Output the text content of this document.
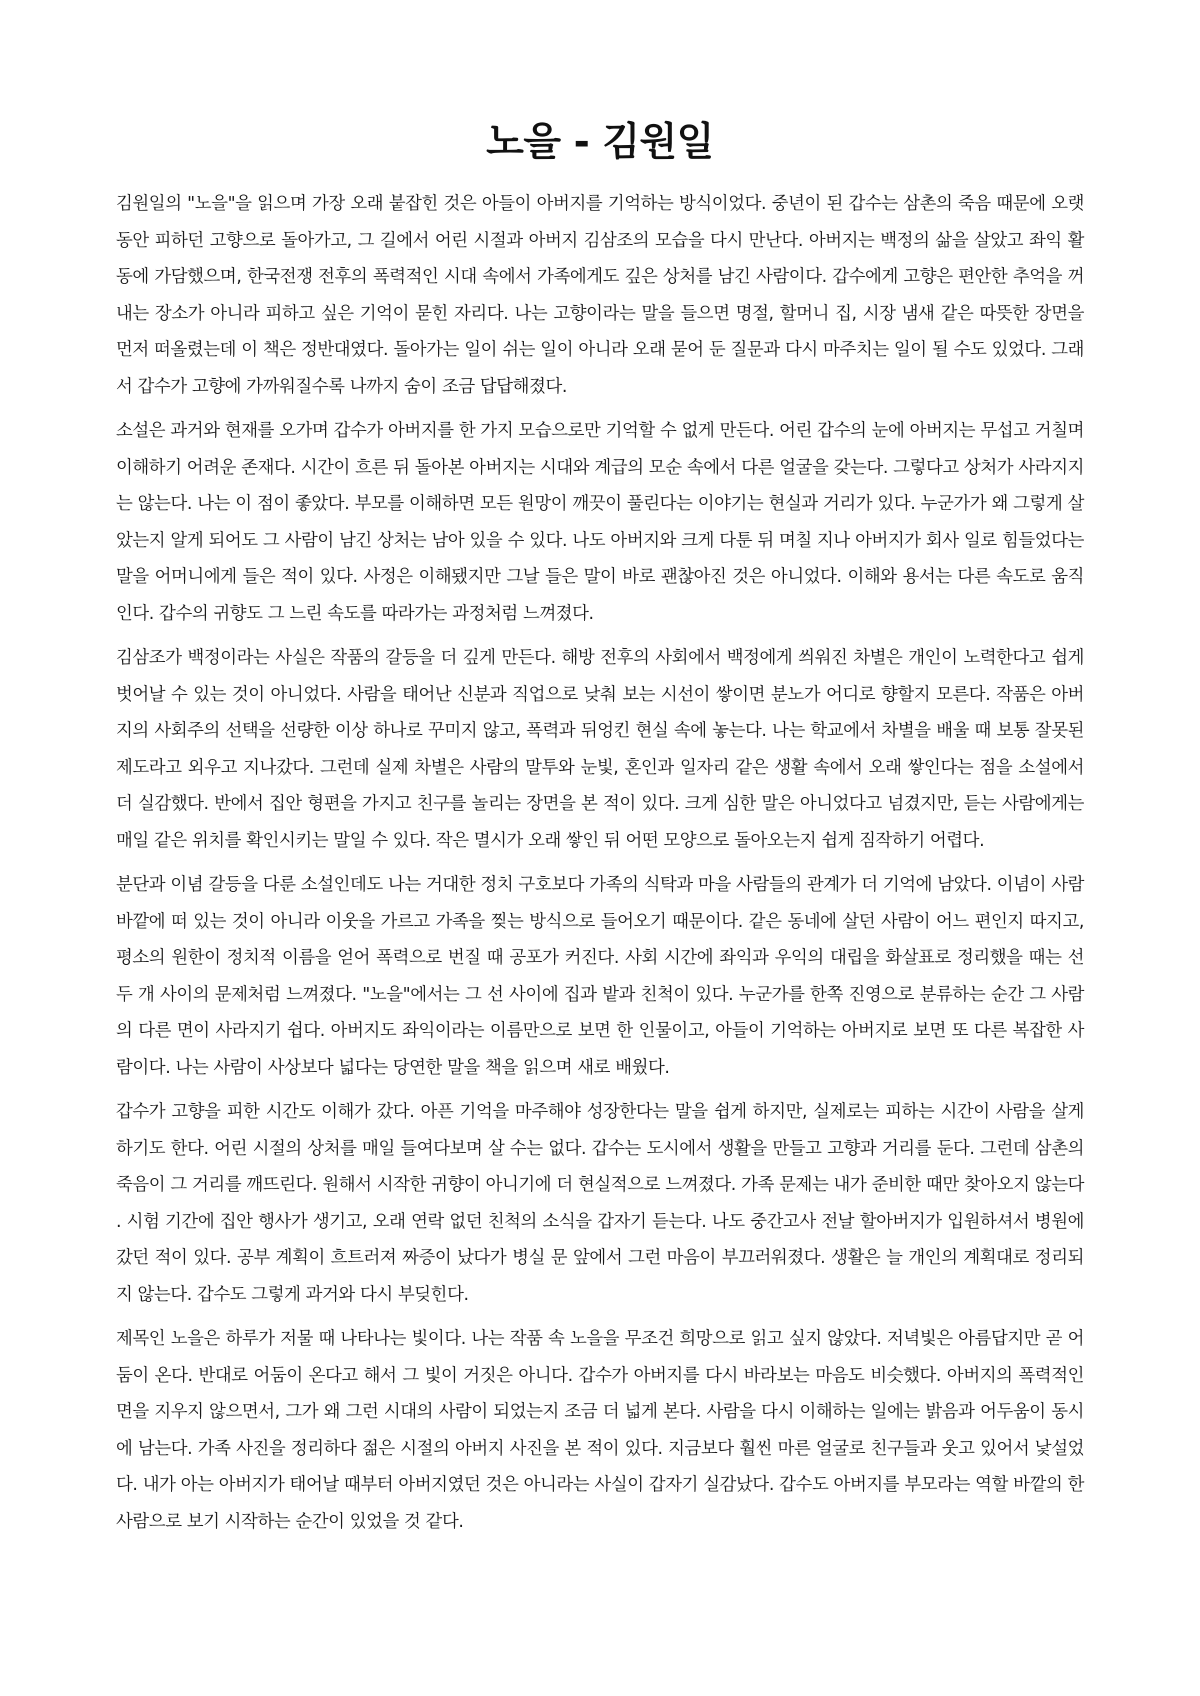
노을 - 김원일

김원일의 "노을"을 읽으며 가장 오래 붙잡힌 것은 아들이 아버지를 기억하는 방식이었다. 중년이 된 갑수는 삼촌의 죽음 때문에 오랫동안 피하던 고향으로 돌아가고, 그 길에서 어린 시절과 아버지 김삼조의 모습을 다시 만난다. 아버지는 백정의 삶을 살았고 좌익 활동에 가담했으며, 한국전쟁 전후의 폭력적인 시대 속에서 가족에게도 깊은 상처를 남긴 사람이다. 갑수에게 고향은 편안한 추억을 꺼내는 장소가 아니라 피하고 싶은 기억이 묻힌 자리다. 나는 고향이라는 말을 들으면 명절, 할머니 집, 시장 냄새 같은 따뜻한 장면을 먼저 떠올렸는데 이 책은 정반대였다. 돌아가는 일이 쉬는 일이 아니라 오래 묻어 둔 질문과 다시 마주치는 일이 될 수도 있었다. 그래서 갑수가 고향에 가까워질수록 나까지 숨이 조금 답답해졌다.

소설은 과거와 현재를 오가며 갑수가 아버지를 한 가지 모습으로만 기억할 수 없게 만든다. 어린 갑수의 눈에 아버지는 무섭고 거칠며 이해하기 어려운 존재다. 시간이 흐른 뒤 돌아본 아버지는 시대와 계급의 모순 속에서 다른 얼굴을 갖는다. 그렇다고 상처가 사라지지는 않는다. 나는 이 점이 좋았다. 부모를 이해하면 모든 원망이 깨끗이 풀린다는 이야기는 현실과 거리가 있다. 누군가가 왜 그렇게 살았는지 알게 되어도 그 사람이 남긴 상처는 남아 있을 수 있다. 나도 아버지와 크게 다툰 뒤 며칠 지나 아버지가 회사 일로 힘들었다는 말을 어머니에게 들은 적이 있다. 사정은 이해됐지만 그날 들은 말이 바로 괜찮아진 것은 아니었다. 이해와 용서는 다른 속도로 움직인다. 갑수의 귀향도 그 느린 속도를 따라가는 과정처럼 느껴졌다.

김삼조가 백정이라는 사실은 작품의 갈등을 더 깊게 만든다. 해방 전후의 사회에서 백정에게 씌워진 차별은 개인이 노력한다고 쉽게 벗어날 수 있는 것이 아니었다. 사람을 태어난 신분과 직업으로 낮춰 보는 시선이 쌓이면 분노가 어디로 향할지 모른다. 작품은 아버지의 사회주의 선택을 선량한 이상 하나로 꾸미지 않고, 폭력과 뒤엉킨 현실 속에 놓는다. 나는 학교에서 차별을 배울 때 보통 잘못된 제도라고 외우고 지나갔다. 그런데 실제 차별은 사람의 말투와 눈빛, 혼인과 일자리 같은 생활 속에서 오래 쌓인다는 점을 소설에서 더 실감했다. 반에서 집안 형편을 가지고 친구를 놀리는 장면을 본 적이 있다. 크게 심한 말은 아니었다고 넘겼지만, 듣는 사람에게는 매일 같은 위치를 확인시키는 말일 수 있다. 작은 멸시가 오래 쌓인 뒤 어떤 모양으로 돌아오는지 쉽게 짐작하기 어렵다.

분단과 이념 갈등을 다룬 소설인데도 나는 거대한 정치 구호보다 가족의 식탁과 마을 사람들의 관계가 더 기억에 남았다. 이념이 사람 바깥에 떠 있는 것이 아니라 이웃을 가르고 가족을 찢는 방식으로 들어오기 때문이다. 같은 동네에 살던 사람이 어느 편인지 따지고, 평소의 원한이 정치적 이름을 얻어 폭력으로 번질 때 공포가 커진다. 사회 시간에 좌익과 우익의 대립을 화살표로 정리했을 때는 선 두 개 사이의 문제처럼 느껴졌다. "노을"에서는 그 선 사이에 집과 밭과 친척이 있다. 누군가를 한쪽 진영으로 분류하는 순간 그 사람의 다른 면이 사라지기 쉽다. 아버지도 좌익이라는 이름만으로 보면 한 인물이고, 아들이 기억하는 아버지로 보면 또 다른 복잡한 사람이다. 나는 사람이 사상보다 넓다는 당연한 말을 책을 읽으며 새로 배웠다.

갑수가 고향을 피한 시간도 이해가 갔다. 아픈 기억을 마주해야 성장한다는 말을 쉽게 하지만, 실제로는 피하는 시간이 사람을 살게 하기도 한다. 어린 시절의 상처를 매일 들여다보며 살 수는 없다. 갑수는 도시에서 생활을 만들고 고향과 거리를 둔다. 그런데 삼촌의 죽음이 그 거리를 깨뜨린다. 원해서 시작한 귀향이 아니기에 더 현실적으로 느껴졌다. 가족 문제는 내가 준비한 때만 찾아오지 않는다. 시험 기간에 집안 행사가 생기고, 오래 연락 없던 친척의 소식을 갑자기 듣는다. 나도 중간고사 전날 할아버지가 입원하셔서 병원에 갔던 적이 있다. 공부 계획이 흐트러져 짜증이 났다가 병실 문 앞에서 그런 마음이 부끄러워졌다. 생활은 늘 개인의 계획대로 정리되지 않는다. 갑수도 그렇게 과거와 다시 부딪힌다.

제목인 노을은 하루가 저물 때 나타나는 빛이다. 나는 작품 속 노을을 무조건 희망으로 읽고 싶지 않았다. 저녁빛은 아름답지만 곧 어둠이 온다. 반대로 어둠이 온다고 해서 그 빛이 거짓은 아니다. 갑수가 아버지를 다시 바라보는 마음도 비슷했다. 아버지의 폭력적인 면을 지우지 않으면서, 그가 왜 그런 시대의 사람이 되었는지 조금 더 넓게 본다. 사람을 다시 이해하는 일에는 밝음과 어두움이 동시에 남는다. 가족 사진을 정리하다 젊은 시절의 아버지 사진을 본 적이 있다. 지금보다 훨씬 마른 얼굴로 친구들과 웃고 있어서 낯설었다. 내가 아는 아버지가 태어날 때부터 아버지였던 것은 아니라는 사실이 갑자기 실감났다. 갑수도 아버지를 부모라는 역할 바깥의 한 사람으로 보기 시작하는 순간이 있었을 것 같다.
